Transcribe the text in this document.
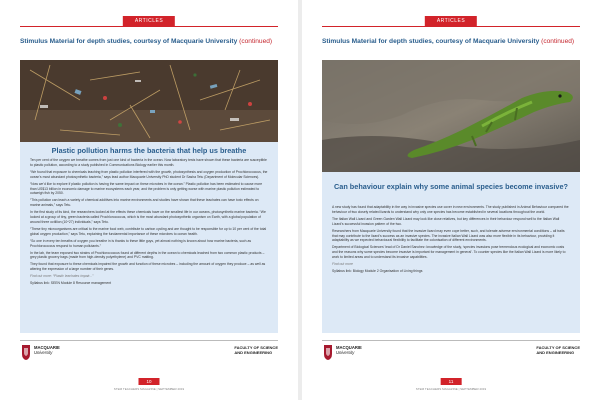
ARTICLES
Stimulus Material for depth studies, courtesy of Macquarie University (continued)
Plastic pollution harms the bacteria that help us breathe

Ten per cent of the oxygen we breathe comes from just one kind of bacteria in the ocean. Now laboratory tests have shown that these bacteria are susceptible to plastic pollution, according to a study published in Communications Biology earlier this month.

“We found that exposure to chemicals leaching from plastic pollution interfered with the growth, photosynthesis and oxygen production of Prochlorococcus, the ocean’s most abundant photosynthetic bacteria,” says lead author Macquarie University PhD student Dr Sasha Tetu (Department of Molecular Sciences).

“Now we’d like to explore if plastic pollution is having the same impact on these microbes in the ocean.” Plastic pollution has been estimated to cause more than US$13 billion in economic damage to marine ecosystems each year, and the problem is only getting worse with marine plastic pollution estimated to outweigh fish by 2050.

“This pollution can leach a variety of chemical additives into marine environments and studies have shown that these leachates can have toxic effects on marine animals,” says Tetu.

In the first study of its kind, the researchers looked at the effects these chemicals have on the smallest life in our oceans, photosynthetic marine bacteria. “We looked at a group of tiny, green bacteria called Prochlorococcus, which is the most abundant photosynthetic organism on Earth, with a global population of around three octillion (10^27) individuals,” says Tetu.

“These tiny microorganisms are critical to the marine food web, contribute to carbon cycling and are thought to be responsible for up to 10 per cent of the total global oxygen production,” says Tetu, explaining the fundamental importance of these microbes to ocean health.

“So one in every ten breaths of oxygen you breathe in is thanks to these little guys, yet almost nothing is known about how marine bacteria, such as Prochlorococcus respond to human pollutants.”

In the lab, the team exposed two strains of Prochlorococcus found at different depths in the ocean to chemicals leached from two common plastic products – grey plastic grocery bags (made from high-density polyethylene) and PVC matting.

They found that exposure to these chemicals impaired the growth and function of these microbes – including the amount of oxygen they produce – as well as altering the expression of a large number of their genes.

Find out more: “Plastic leachates impair...”

Syllabus link: SEEN Module 8 Resource management

MACQUARIE
University
FACULTY OF SCIENCE
AND ENGINEERING
10
STEM TEACHERS MAGAZINE | SEPTEMBER 2019
ARTICLES
Stimulus Material for depth studies, courtesy of Macquarie University (continued)
Can behaviour explain why some animal species become invasive?

A new study has found that adaptability in the way in invasive species use cover in new environments. The study published in Animal Behaviour compared the behaviour of two closely related lizards to understand why only one species has become established in several locations throughout the world.

The Italian Wall Lizard and Green Garden Wall Lizard may look like close relatives, but key differences in their behaviour respond well to the Italian Wall Lizard’s successful invasion pattern of the two.

Researchers from Macquarie University found that the invasive lizard may even cope better, such, and tolerate adverse environmental conditions – all traits that may contribute to the lizard’s success as an invasive species. The invasive Italian Wall Lizard was also more flexible in its behaviour, providing it adaptability as we expected behavioural flexibility to facilitate the colonisation of different environments.

Department of Biological Sciences’ lead of Dr Daniel Sanchez: knowledge of the study, ‘species invasions pose tremendous ecological and economic costs and the reasons why some species become invasive is important for management in general’. To counter species like the Italian Wall Lizard is more likely to work to limited areas and to understand its invasive capabilities.

Find out more

Syllabus link: Biology Module 2 Organisation of Living things

MACQUARIE
University
FACULTY OF SCIENCE
AND ENGINEERING
11
STEM TEACHERS MAGAZINE | SEPTEMBER 2019
